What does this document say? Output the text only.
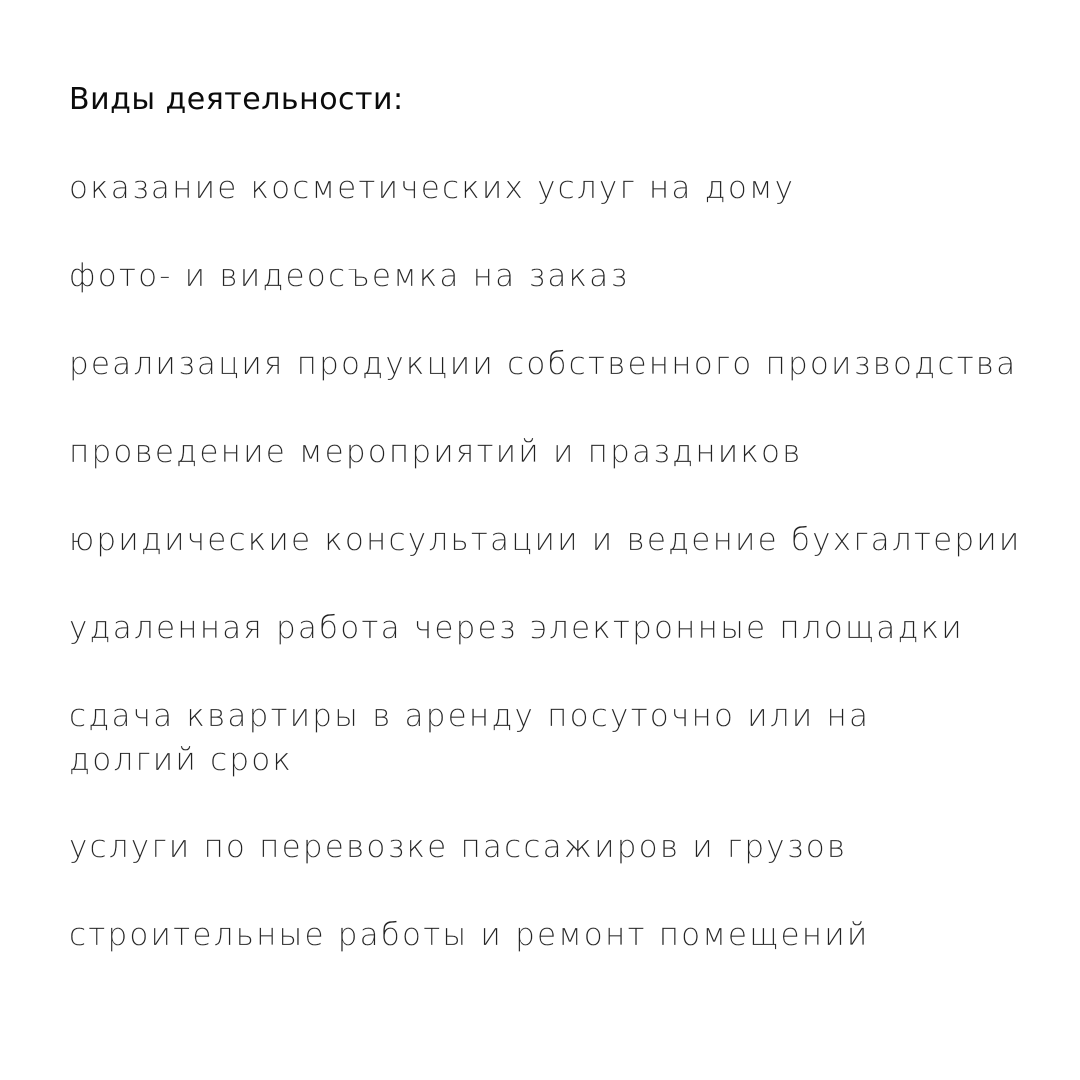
Виды деятельности:
оказание косметических услуг на дому
фото- и видеосъемка на заказ
реализация продукции собственного производства
проведение мероприятий и праздников
юридические консультации и ведение бухгалтерии
удаленная работа через электронные площадки
сдача квартиры в аренду посуточно или на долгий срок
услуги по перевозке пассажиров и грузов
строительные работы и ремонт помещений
